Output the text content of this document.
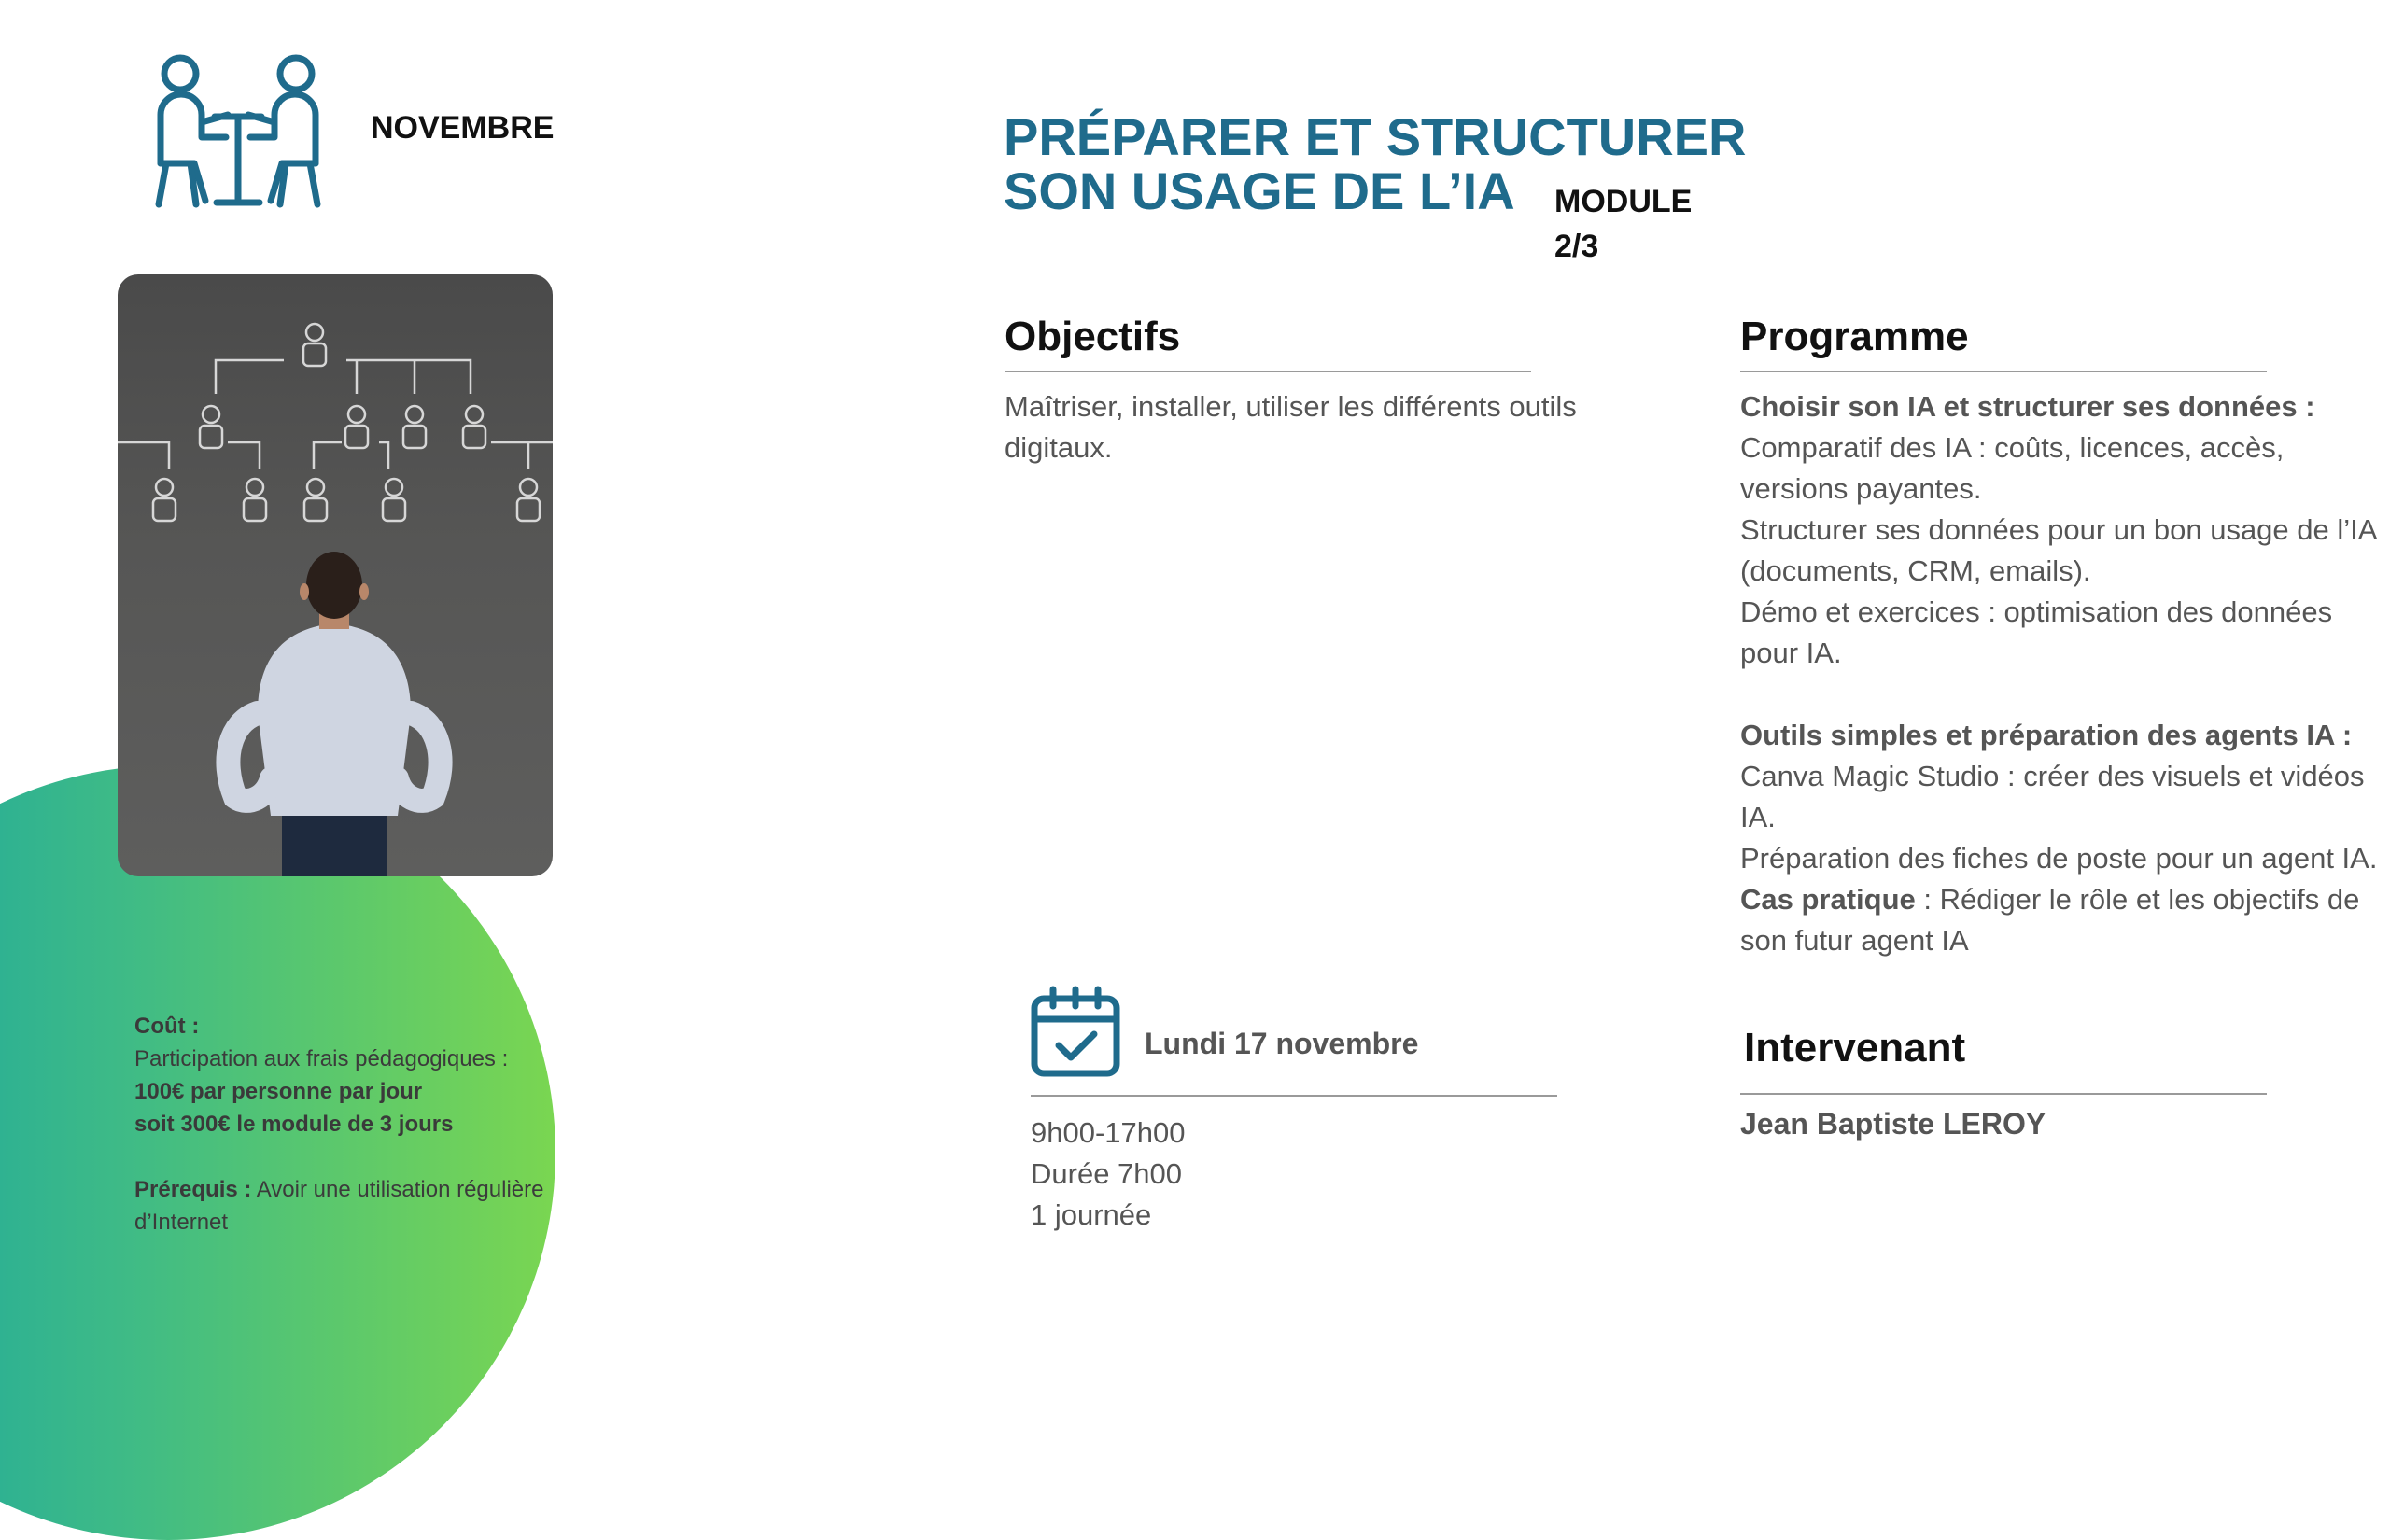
NOVEMBRE
Coût :
Participation aux frais pédagogiques :
100€ par personne par jour
soit 300€ le module de 3 jours
Prérequis : Avoir une utilisation régulière d’Internet
PRÉPARER ET STRUCTURER
SON USAGE DE L’IA	MODULE
2/3
Objectifs
Maîtriser, installer, utiliser les différents outils digitaux.
Programme
Choisir son IA et structurer ses données :
Comparatif des IA : coûts, licences, accès, versions payantes.
Structurer ses données pour un bon usage de l’IA (documents, CRM, emails).
Démo et exercices : optimisation des données pour IA.
Outils simples et préparation des agents IA :
Canva Magic Studio : créer des visuels et vidéos IA.
Préparation des fiches de poste pour un agent IA.
Cas pratique : Rédiger le rôle et les objectifs de son futur agent IA
Lundi 17 novembre
9h00-17h00
Durée 7h00
1 journée
Intervenant
Jean Baptiste LEROY
